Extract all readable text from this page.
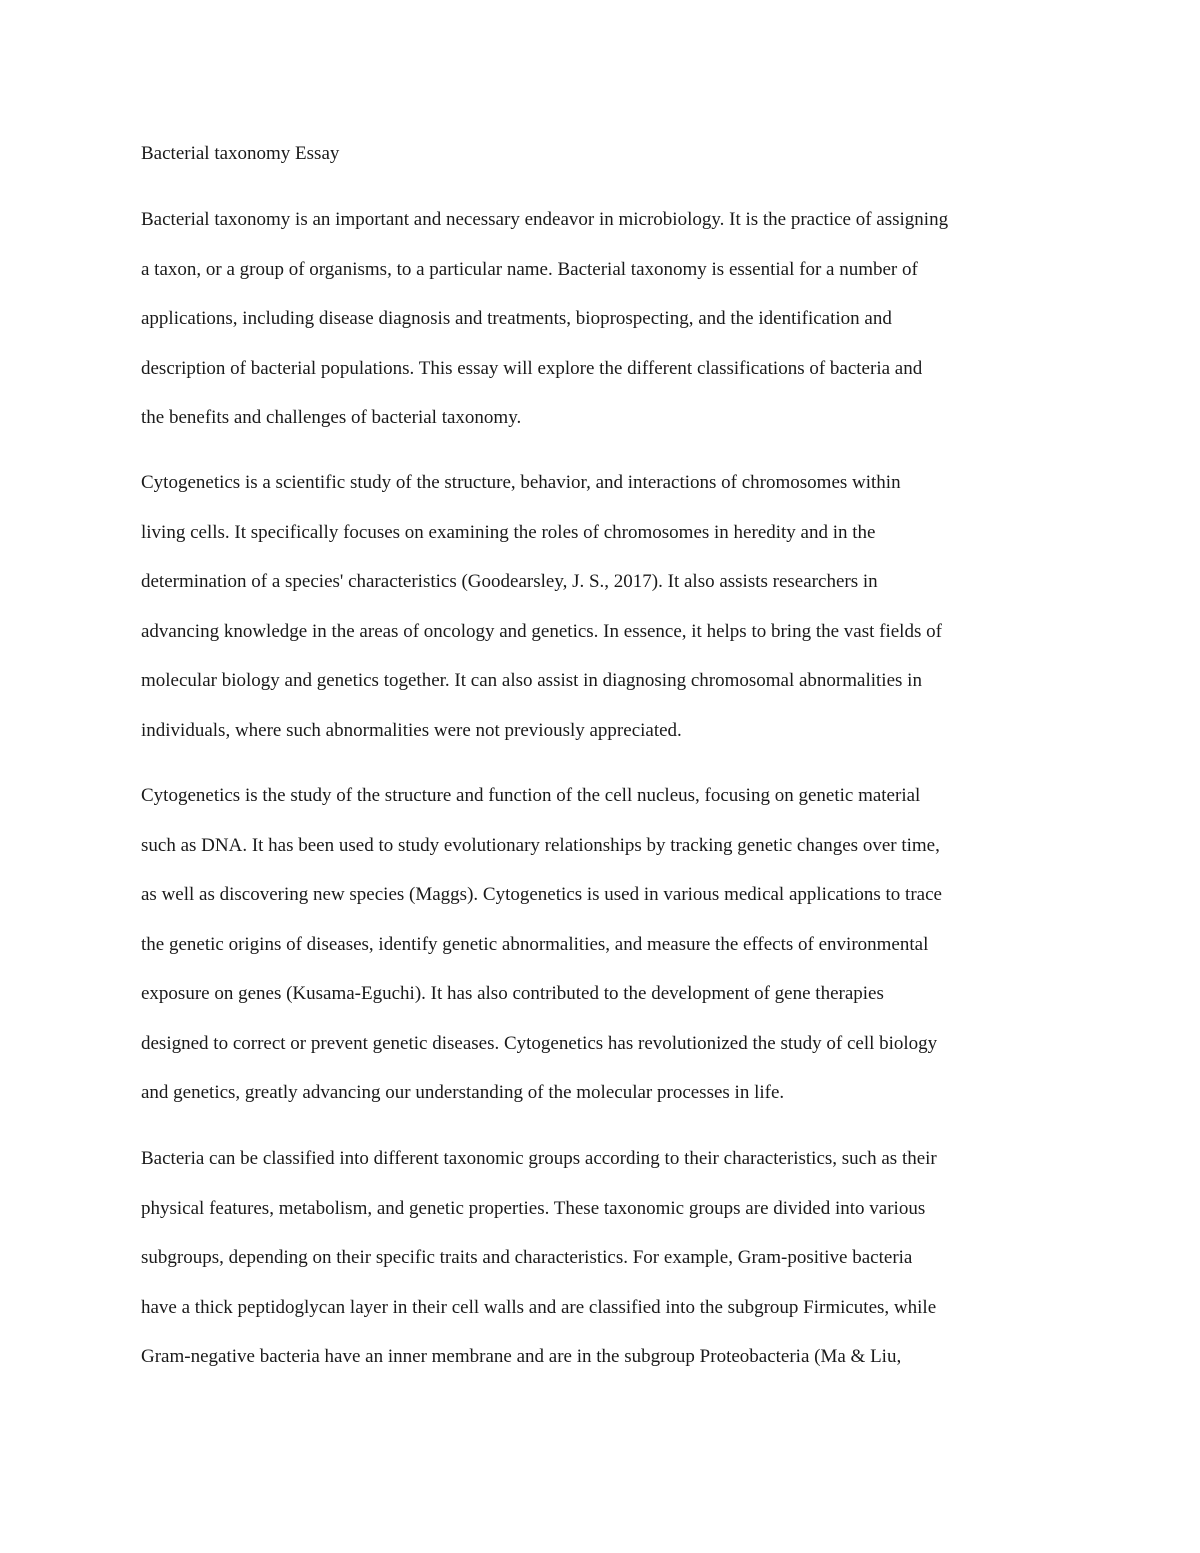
Bacterial taxonomy Essay
Bacterial taxonomy is an important and necessary endeavor in microbiology. It is the practice of assigning
a taxon, or a group of organisms, to a particular name. Bacterial taxonomy is essential for a number of
applications, including disease diagnosis and treatments, bioprospecting, and the identification and
description of bacterial populations. This essay will explore the different classifications of bacteria and
the benefits and challenges of bacterial taxonomy.
Cytogenetics is a scientific study of the structure, behavior, and interactions of chromosomes within
living cells. It specifically focuses on examining the roles of chromosomes in heredity and in the
determination of a species' characteristics (Goodearsley, J. S., 2017). It also assists researchers in
advancing knowledge in the areas of oncology and genetics. In essence, it helps to bring the vast fields of
molecular biology and genetics together. It can also assist in diagnosing chromosomal abnormalities in
individuals, where such abnormalities were not previously appreciated.
Cytogenetics is the study of the structure and function of the cell nucleus, focusing on genetic material
such as DNA. It has been used to study evolutionary relationships by tracking genetic changes over time,
as well as discovering new species (Maggs). Cytogenetics is used in various medical applications to trace
the genetic origins of diseases, identify genetic abnormalities, and measure the effects of environmental
exposure on genes (Kusama-Eguchi). It has also contributed to the development of gene therapies
designed to correct or prevent genetic diseases. Cytogenetics has revolutionized the study of cell biology
and genetics, greatly advancing our understanding of the molecular processes in life.
Bacteria can be classified into different taxonomic groups according to their characteristics, such as their
physical features, metabolism, and genetic properties. These taxonomic groups are divided into various
subgroups, depending on their specific traits and characteristics. For example, Gram-positive bacteria
have a thick peptidoglycan layer in their cell walls and are classified into the subgroup Firmicutes, while
Gram-negative bacteria have an inner membrane and are in the subgroup Proteobacteria (Ma & Liu,
